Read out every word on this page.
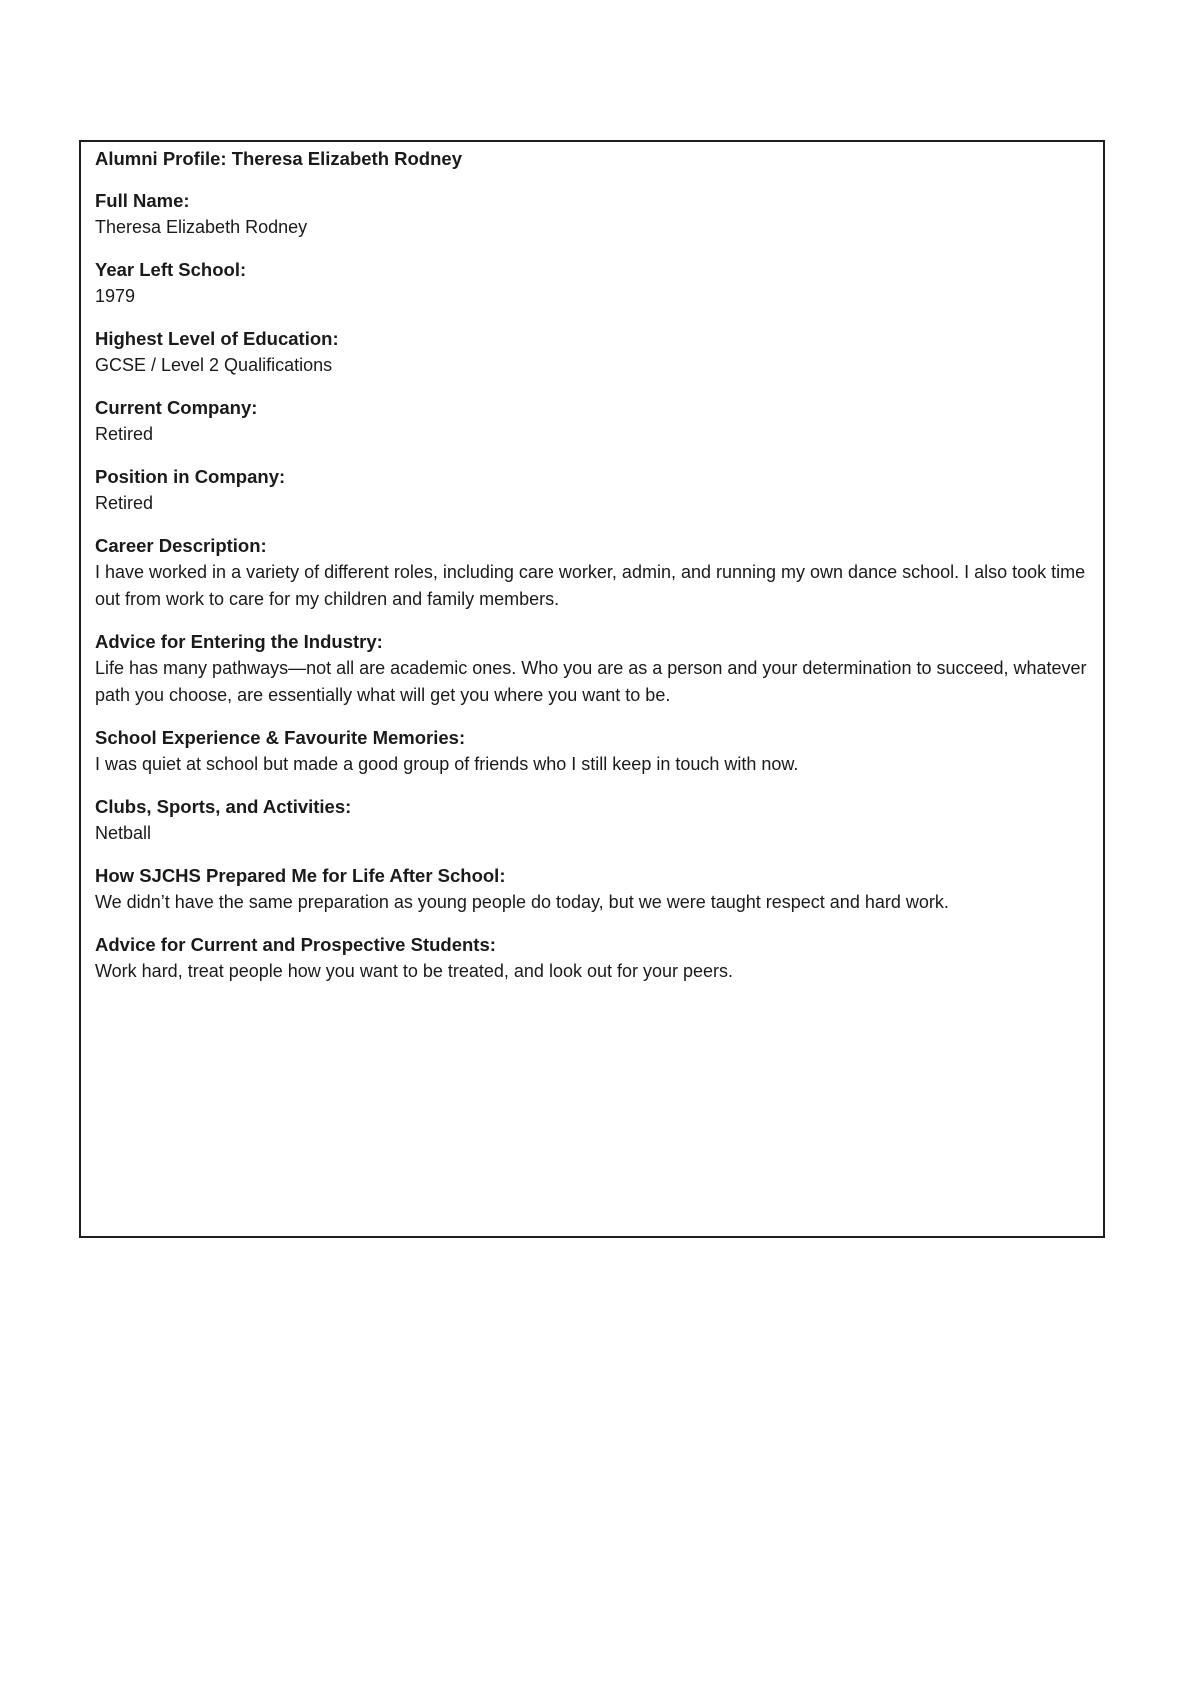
Alumni Profile: Theresa Elizabeth Rodney
Full Name:
Theresa Elizabeth Rodney
Year Left School:
1979
Highest Level of Education:
GCSE / Level 2 Qualifications
Current Company:
Retired
Position in Company:
Retired
Career Description:
I have worked in a variety of different roles, including care worker, admin, and running my own dance school. I also took time out from work to care for my children and family members.
Advice for Entering the Industry:
Life has many pathways—not all are academic ones. Who you are as a person and your determination to succeed, whatever path you choose, are essentially what will get you where you want to be.
School Experience & Favourite Memories:
I was quiet at school but made a good group of friends who I still keep in touch with now.
Clubs, Sports, and Activities:
Netball
How SJCHS Prepared Me for Life After School:
We didn’t have the same preparation as young people do today, but we were taught respect and hard work.
Advice for Current and Prospective Students:
Work hard, treat people how you want to be treated, and look out for your peers.
